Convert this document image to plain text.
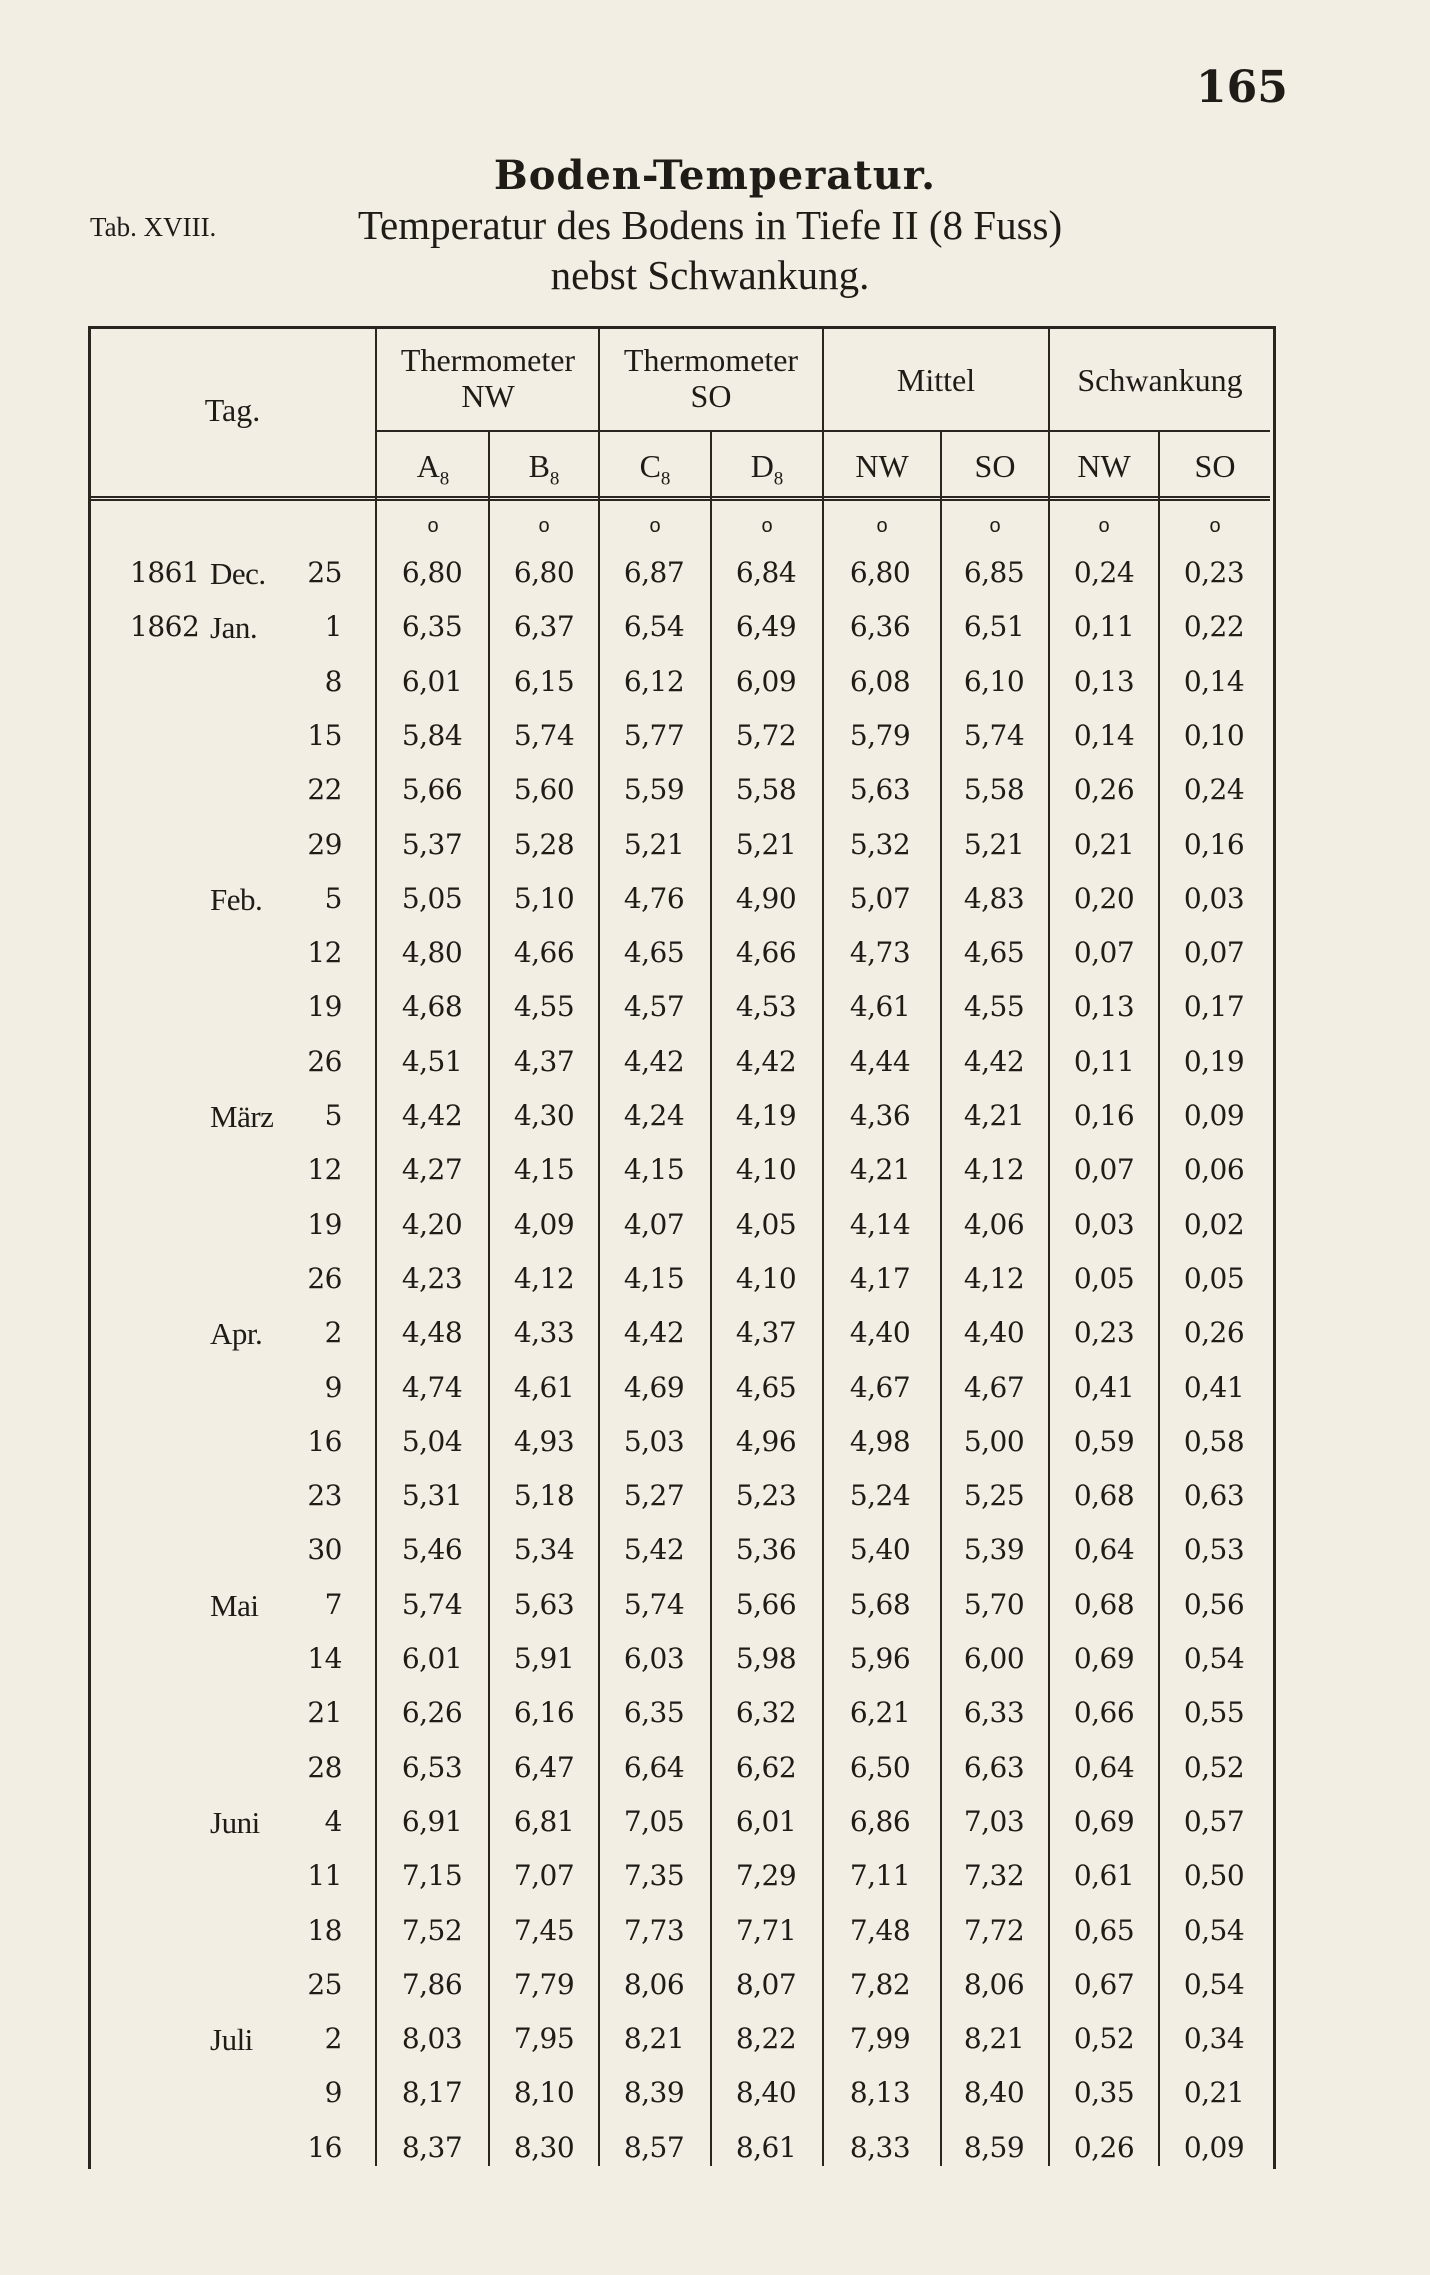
165
Boden-Temperatur.
Tab. XVIII.	Temperatur des Bodens in Tiefe II (8 Fuss)
nebst Schwankung.
Tag.
Thermometer NW
Thermometer SO	Mittel	Schwankung
$A_8$	$B_8$	$C_8$	$D_8$	NW	SO	NW	SO
o	o	o	o	o	o	o	o
1861 Dec.	25	6,80	6,80	6,87	6,84	6,80	6,85	0,24	0,23
1862 Jan.	1	6,35	6,37	6,54	6,49	6,36	6,51	0,11	0,22
8	6,01	6,15	6,12	6,09	6,08	6,10	0,13	0,14
15	5,84	5,74	5,77	5,72	5,79	5,74	0,14	0,10
22	5,66	5,60	5,59	5,58	5,63	5,58	0,26	0,24
29	5,37	5,28	5,21	5,21	5,32	5,21	0,21	0,16
Feb.	5	5,05	5,10	4,76	4,90	5,07	4,83	0,20	0,03
12	4,80	4,66	4,65	4,66	4,73	4,65	0,07	0,07
19	4,68	4,55	4,57	4,53	4,61	4,55	0,13	0,17
26	4,51	4,37	4,42	4,42	4,44	4,42	0,11	0,19
März	5	4,42	4,30	4,24	4,19	4,36	4,21	0,16	0,09
12	4,27	4,15	4,15	4,10	4,21	4,12	0,07	0,06
19	4,20	4,09	4,07	4,05	4,14	4,06	0,03	0,02
26	4,23	4,12	4,15	4,10	4,17	4,12	0,05	0,05
Apr.	2	4,48	4,33	4,42	4,37	4,40	4,40	0,23	0,26
9	4,74	4,61	4,69	4,65	4,67	4,67	0,41	0,41
16	5,04	4,93	5,03	4,96	4,98	5,00	0,59	0,58
23	5,31	5,18	5,27	5,23	5,24	5,25	0,68	0,63
30	5,46	5,34	5,42	5,36	5,40	5,39	0,64	0,53
Mai	7	5,74	5,63	5,74	5,66	5,68	5,70	0,68	0,56
14	6,01	5,91	6,03	5,98	5,96	6,00	0,69	0,54
21	6,26	6,16	6,35	6,32	6,21	6,33	0,66	0,55
28	6,53	6,47	6,64	6,62	6,50	6,63	0,64	0,52
Juni	4	6,91	6,81	7,05	6,01	6,86	7,03	0,69	0,57
11	7,15	7,07	7,35	7,29	7,11	7,32	0,61	0,50
18	7,52	7,45	7,73	7,71	7,48	7,72	0,65	0,54
25	7,86	7,79	8,06	8,07	7,82	8,06	0,67	0,54
Juli	2	8,03	7,95	8,21	8,22	7,99	8,21	0,52	0,34
9	8,17	8,10	8,39	8,40	8,13	8,40	0,35	0,21
16	8,37	8,30	8,57	8,61	8,33	8,59	0,26	0,09
